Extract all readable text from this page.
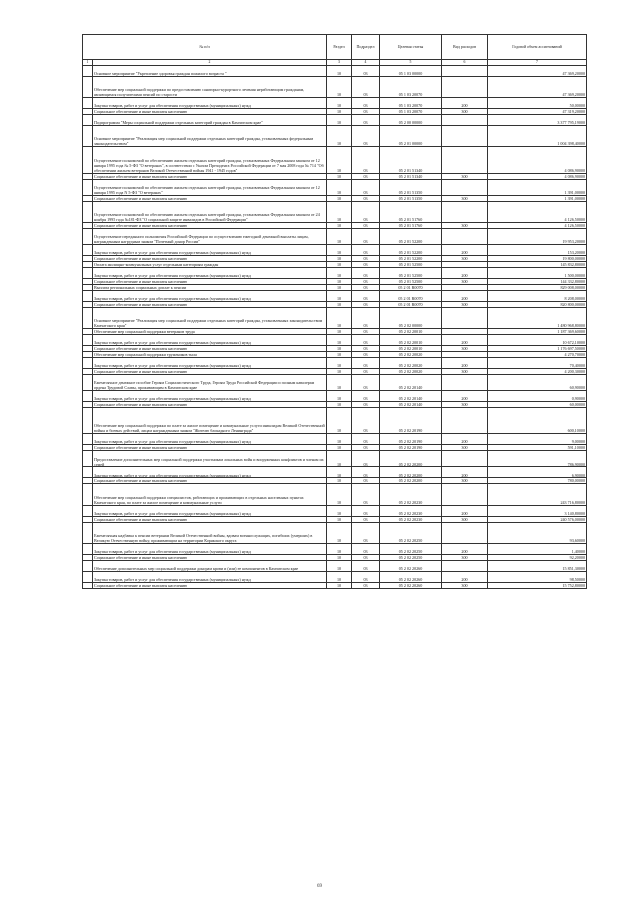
№ п/п		Раздел	Подраздел	Целевая статья	Вид расходов	Годовой объем ассигнований
1	2	3	4	5	6	7
	Основное мероприятие "Укрепление здоровья граждан пожилого возраста "	10	03	05 1 03 00000		47 369,20000
	Обеспечение мер социальной поддержки по предоставлению санаторно-курортного лечения неработающим гражданам, являющимся получателями пенсий по старости	10	03	05 1 03 20070		47 369,20000
	Закупка товаров, работ и услуг для обеспечения государственных (муниципальных) нужд	10	03	05 1 03 20070	200	50,00000
	Социальное обеспечение и иные выплаты населению	10	03	05 1 03 20070	300	47 319,20000
	Подпрограмма "Меры социальной поддержки отдельных категорий граждан в Камчатском крае"	10	03	05 2 00 00000		3 377 795,19000
	Основное мероприятие "Реализация мер социальной поддержки отдельных категорий граждан, установленных федеральным законодательством"	10	03	05 2 01 00000		1 004 398,40000
	Осуществление полномочий по обеспечению жильем отдельных категорий граждан, установленных Федеральным законом от 12 января 1995 года № 5-ФЗ "О ветеранах", в соответствии с Указом Президента Российской Федерации от 7 мая 2008 года № 714 "Об обеспечении жильем ветеранов Великой Отечественной войны 1941 - 1945 годов"	10	03	05 2 01 51340		4 086,90000
	Социальное обеспечение и иные выплаты населению	10	03	05 2 01 51340	300	4 086,90000
	Осуществление полномочий по обеспечению жильем отдельных категорий граждан, установленных Федеральным законом от 12 января 1995 года N 5-ФЗ "О ветеранах"	10	03	05 2 01 51350		1 391,00000
	Социальное обеспечение и иные выплаты населению	10	03	05 2 01 51350	300	1 391,00000
	Осуществление полномочий по обеспечению жильем отдельных категорий граждан, установленных Федеральным законом от 24 ноября 1995 года №181-ФЗ "О социальной защите инвалидов в Российской Федерации"	10	03	05 2 01 51760		4 126,50000
	Социальное обеспечение и иные выплаты населению	10	03	05 2 01 51760	300	4 126,50000
	Осуществление переданного полномочия Российской Федерации по осуществлению ежегодной денежной выплаты лицам, награжденным нагрудным знаком "Почетный донор России"	10	03	05 2 01 52200		19 953,20000
	Закупка товаров, работ и услуг для обеспечения государственных (муниципальных) нужд	10	03	05 2 01 52200	200	153,20000
	Социальное обеспечение и иные выплаты населению	10	03	05 2 01 52200	300	19 800,00000
	Оплата жилищно-коммунальных услуг отдельным категориям граждан	10	03	05 2 01 52500		145 832,80000
	Закупка товаров, работ и услуг для обеспечения государственных (муниципальных) нужд	10	03	05 2 01 52500	200	1 500,00000
	Социальное обеспечение и иные выплаты населению	10	03	05 2 01 52500	300	144 332,80000
	Выплата региональных социальных доплат к пенсии	10	03	05 2 01 R0070		829 008,00000
	Закупка товаров, работ и услуг для обеспечения государственных (муниципальных) нужд	10	03	05 2 01 R0070	200	8 208,00000
	Социальное обеспечение и иные выплаты населению	10	03	05 2 01 R0070	300	820 800,00000
	Основное мероприятие "Реализация мер социальной поддержки отдельных категорий граждан, установленных законодательством Камчатского края"	10	03	05 2 02 00000		1 480 968,80000
	Обеспечение мер социальной поддержки ветеранов труда	10	03	05 2 02 20010		1 187 369,60000
	Закупка товаров, работ и услуг для обеспечения государственных (муниципальных) нужд	10	03	05 2 02 20010	200	10 672,10000
	Социальное обеспечение и иные выплаты населению	10	03	05 2 02 20010	300	1 176 697,50000
	Обеспечение мер социальной поддержки тружеников тыла	10	03	05 2 02 20020		4 270,70000
	Закупка товаров, работ и услуг для обеспечения государственных (муниципальных) нужд	10	03	05 2 02 20020	200	70,40000
	Социальное обеспечение и иные выплаты населению	10	03	05 2 02 20020	300	4 200,30000
	Ежемесячное денежное пособие Героям Социалистического Труда, Героям Труда Российской Федерации и полным кавалерам ордена Трудовой Славы, проживающим в Камчатском крае	10	03	05 2 02 20140		60,90000
	Закупка товаров, работ и услуг для обеспечения государственных (муниципальных) нужд	10	03	05 2 02 20140	200	0,90000
	Социальное обеспечение и иные выплаты населению	10	03	05 2 02 20140	300	60,00000
	Обеспечение мер социальной поддержки по плате за жилое помещение и коммунальные услуги инвалидам Великой Отечественной войны и боевых действий, лицам награжденным знаком "Жителю блокадного Ленинграда"	10	03	05 2 02 20190		600,10000
	Закупка товаров, работ и услуг для обеспечения государственных (муниципальных) нужд	10	03	05 2 02 20190	200	9,00000
	Социальное обеспечение и иные выплаты населению	10	03	05 2 02 20190	300	591,10000
	Предоставление дополнительных мер социальной поддержки участникам локальных войн и вооруженных конфликтов и членам их семей	10	03	05 2 02 20200		786,90000
	Закупка товаров, работ и услуг для обеспечения государственных (муниципальных) нужд	10	03	05 2 02 20200	200	6,90000
	Социальное обеспечение и иные выплаты населению	10	03	05 2 02 20200	300	780,00000
	Обеспечение мер социальной поддержки специалистов, работающих и проживающих в отдельных населенных пунктах Камчатского края, по плате за жилое помещение и коммунальные услуги	10	03	05 2 02 20230		243 716,80000
	Закупка товаров, работ и услуг для обеспечения государственных (муниципальных) нужд	10	03	05 2 02 20230	200	3 140,80000
	Социальное обеспечение и иные выплаты населению	10	03	05 2 02 20230	300	240 576,00000
	Ежемесячная надбавка к пенсии ветеранам Великой Отечественной войны, вдовам военнослужащих, погибших (умерших) в Великую Отечественную войну, проживающим на территории Корякского округа	10	03	05 2 02 20250		93,60000
	Закупка товаров, работ и услуг для обеспечения государственных (муниципальных) нужд	10	03	05 2 02 20250	200	1,40000
	Социальное обеспечение и иные выплаты населению	10	03	05 2 02 20250	300	92,20000
	Обеспечение дополнительных мер социальной поддержки донорам крови и (или) ее компонентов в Камчатском крае	10	03	05 2 02 20260		15 851,30000
	Закупка товаров, работ и услуг для обеспечения государственных (муниципальных) нужд	10	03	05 2 02 20260	200	98,50000
	Социальное обеспечение и иные выплаты населению	10	03	05 2 02 20260	300	15 752,80000
69
